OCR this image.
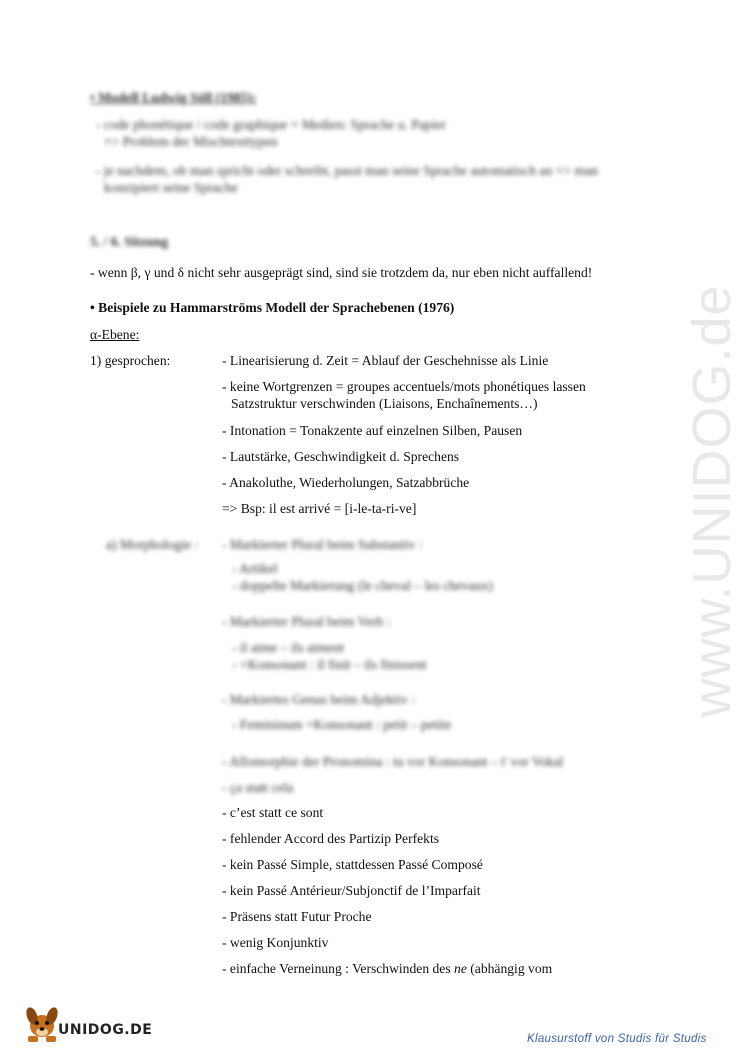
www.UNIDOG.de
• Modell Ludwig Söll (1985):
- code phonétique / code graphique = Medien: Sprache u. Papier
=> Problem der Mischtexttypen
- je nachdem, ob man spricht oder schreibt, passt man seine Sprache automatisch an => man
konzipiert seine Sprache
5. / 6. Sitzung
- wenn β, γ und δ nicht sehr ausgeprägt sind, sind sie trotzdem da, nur eben nicht auffallend!
• Beispiele zu Hammarströms Modell der Sprachebenen (1976)
α-Ebene:
1) gesprochen:	- Linearisierung d. Zeit = Ablauf der Geschehnisse als Linie
- keine Wortgrenzen = groupes accentuels/mots phonétiques lassen
Satzstruktur verschwinden (Liaisons, Enchaînements…)
- Intonation = Tonakzente auf einzelnen Silben, Pausen
- Lautstärke, Geschwindigkeit d. Sprechens
- Anakoluthe, Wiederholungen, Satzabbrüche
=> Bsp: il est arrivé = [i-le-ta-ri-ve]
a) Morphologie : - Markierter Plural beim Substantiv :
- Artikel
- doppelte Markierung (le cheval – les chevaux)
- Markierter Plural beim Verb :
- il aime – ils aiment
- +Konsonant : il finit – ils finissent
- Markiertes Genus beim Adjektiv :
- Femininum +Konsonant : petit – petite
- Allomorphie der Pronomina : tu vor Konsonant – t' vor Vokal
- ça statt cela
- c’est statt ce sont
- fehlender Accord des Partizip Perfekts
- kein Passé Simple, stattdessen Passé Composé
- kein Passé Antérieur/Subjonctif de l’Imparfait
- Präsens statt Futur Proche
- wenig Konjunktiv
- einfache Verneinung : Verschwinden des ne (abhängig vom
UNIDOG.DE
Klausurstoff von Studis für Studis
